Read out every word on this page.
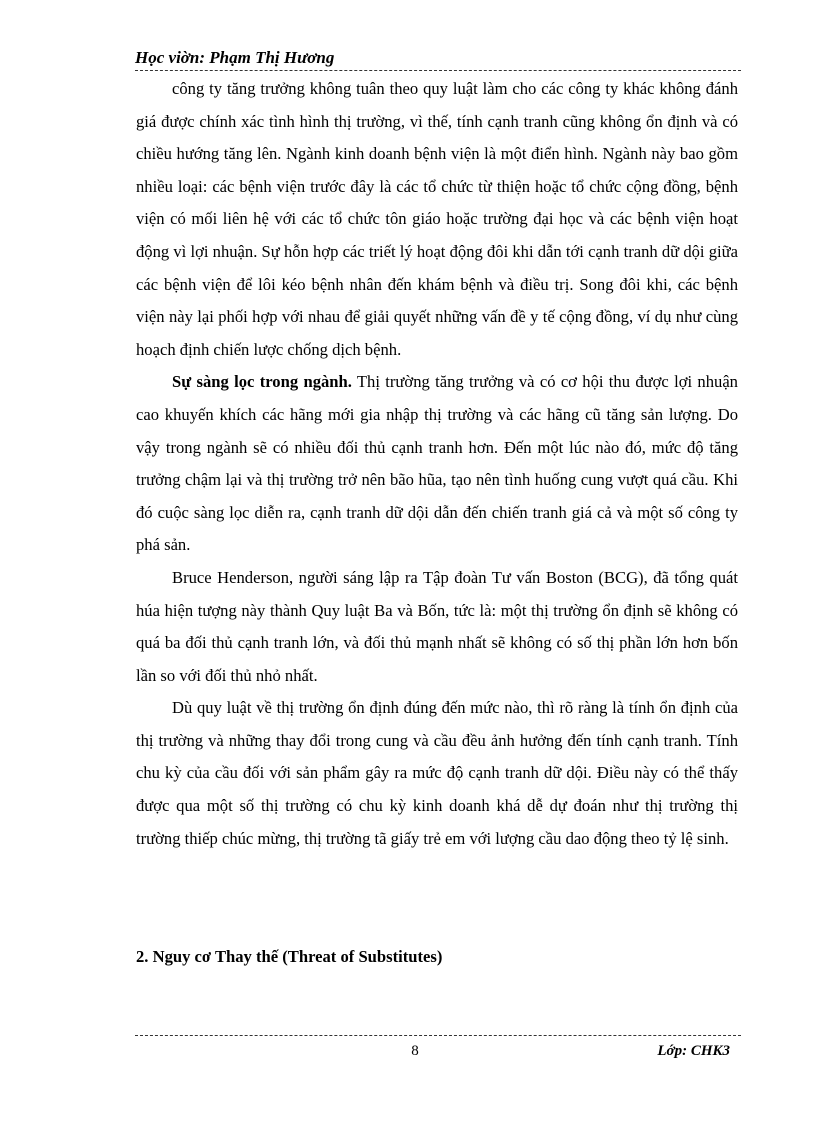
Học viờn: Phạm Thị Hương

công ty tăng trưởng không tuân theo quy luật làm cho các công ty khác không đánh giá được chính xác tình hình thị trường, vì thế, tính cạnh tranh cũng không ổn định và có chiều hướng tăng lên. Ngành kinh doanh bệnh viện là một điển hình. Ngành này bao gồm nhiều loại: các bệnh viện trước đây là các tổ chức từ thiện hoặc tổ chức cộng đồng, bệnh viện có mối liên hệ với các tổ chức tôn giáo hoặc trường đại học và các bệnh viện hoạt động vì lợi nhuận. Sự hỗn hợp các triết lý hoạt động đôi khi dẫn tới cạnh tranh dữ dội giữa các bệnh viện để lôi kéo bệnh nhân đến khám bệnh và điều trị. Song đôi khi, các bệnh viện này lại phối hợp với nhau để giải quyết những vấn đề y tế cộng đồng, ví dụ như cùng hoạch định chiến lược chống dịch bệnh.

Sự sàng lọc trong ngành. Thị trường tăng trưởng và có cơ hội thu được lợi nhuận cao khuyến khích các hãng mới gia nhập thị trường và các hãng cũ tăng sản lượng. Do vậy trong ngành sẽ có nhiều đối thủ cạnh tranh hơn. Đến một lúc nào đó, mức độ tăng trưởng chậm lại và thị trường trở nên bão hũa, tạo nên tình huống cung vượt quá cầu. Khi đó cuộc sàng lọc diễn ra, cạnh tranh dữ dội dẫn đến chiến tranh giá cả và một số công ty phá sản.

Bruce Henderson, người sáng lập ra Tập đoàn Tư vấn Boston (BCG), đã tổng quát húa hiện tượng này thành Quy luật Ba và Bốn, tức là: một thị trường ổn định sẽ không có quá ba đối thủ cạnh tranh lớn, và đối thủ mạnh nhất sẽ không có số thị phần lớn hơn bốn lần so với đối thủ nhỏ nhất.

Dù quy luật về thị trường ổn định đúng đến mức nào, thì rõ ràng là tính ổn định của thị trường và những thay đổi trong cung và cầu đều ảnh hưởng đến tính cạnh tranh. Tính chu kỳ của cầu đối với sản phẩm gây ra mức độ cạnh tranh dữ dội. Điều này có thể thấy được qua một số thị trường có chu kỳ kinh doanh khá dễ dự đoán như thị trường thị trường thiếp chúc mừng, thị trường tã giấy trẻ em với lượng cầu dao động theo tỷ lệ sinh.

2. Nguy cơ Thay thế (Threat of Substitutes)
8	Lớp: CHK3
